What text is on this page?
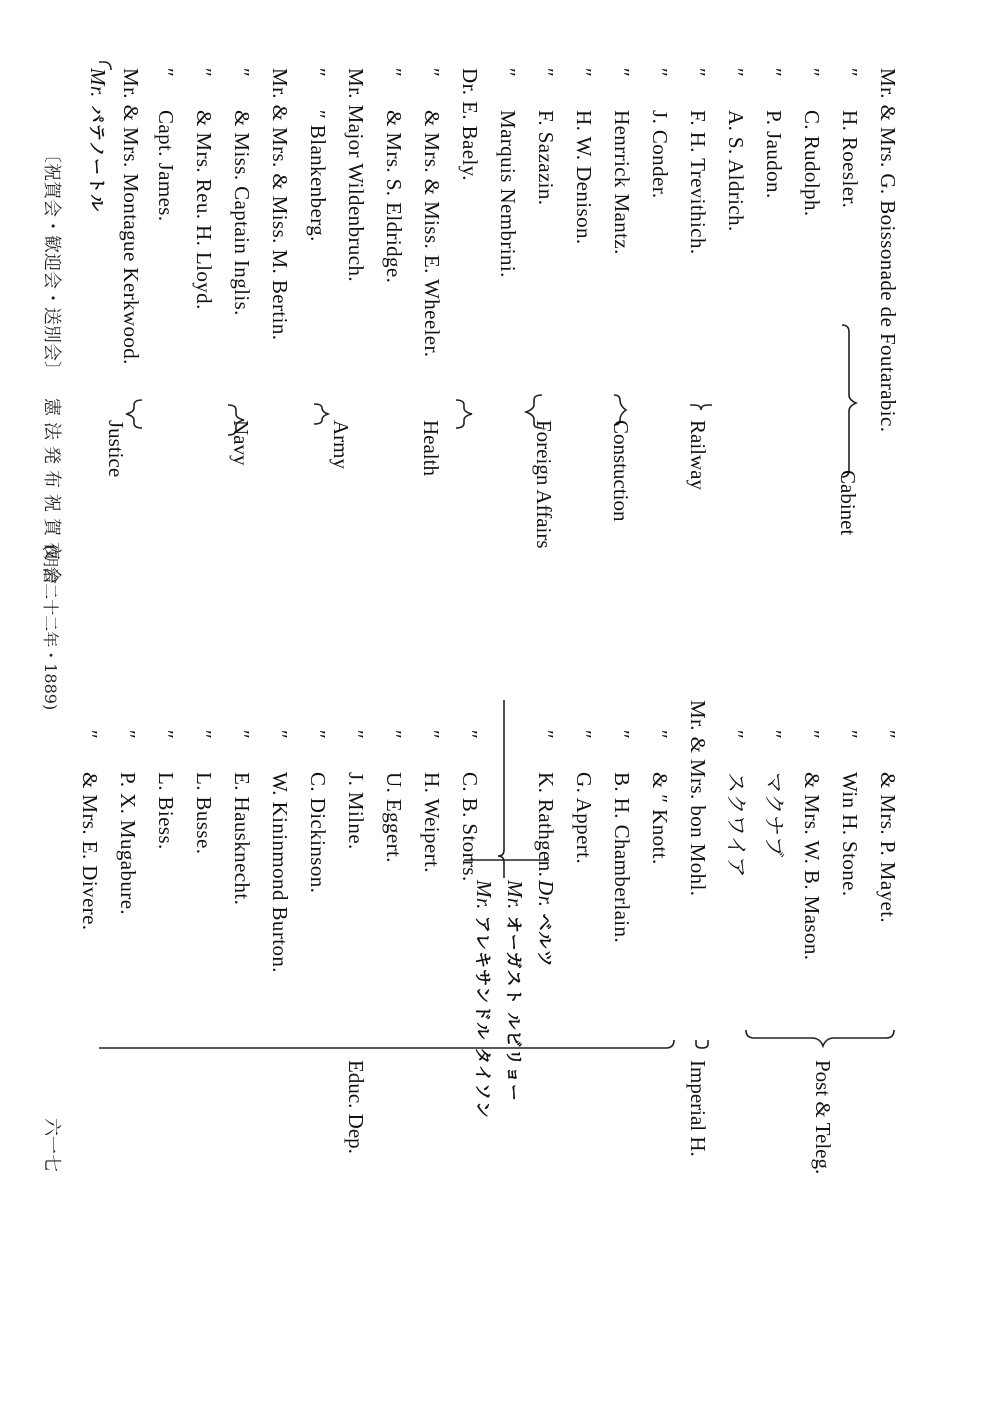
Mr. & Mrs. G. Boissonade de Foutarabic.
″H. Roesler.
″C. Rudolph.
″P. Jaudon.
″A. S. Aldrich.
″F. H. Trevithich.
″J. Conder.
″Henrrick Mantz.
″H. W. Denison.
″F. Sazazin.
″Marquis Nembrini.
Dr. E. Baely.
″& Mrs. & Miss. E. Wheeler.
″& Mrs. S. Eldridge.
Mr. Major Wildenbruch.
″″ Blankenberg.
Mr. & Mrs. & Miss. M. Bertin.
″& Miss. Captain Inglis.
″& Mrs. Reu. H. Lloyd.
″Capt. James.
Mr. & Mrs. Montague Kerkwood.
Mr.パテノートル
Cabinet
Railway
Constuction
Foreign Affairs
Health
Army
Navy
Justice
″& Mrs. P. Mayet.
″Win H. Stone.
″& Mrs. W. B. Mason.
″マクナブ
″スクワイア
Mr. & Mrs. bon Mohl.
″& ″ Knott.
″B. H. Chamberlain.
″G. Appert.
″K. Rathgen.
″C. B. Storrs.
″H. Weipert.
″U. Eggert.
″J. Milne.
″C. Dickinson.
″W. Kininmond Burton.
″E. Hausknecht.
″L. Busse.
″L. Biess.
″P. X. Mugabure.
″& Mrs. E. Divere.	Dr.ベルツ
Mr.オーガスト ルビリョー
Mr.アレキサンドル タイソン	Post & Teleg.
Imperial H.
Educ. Dep.
〔祝賀会・歓迎会・送別会〕
憲法発布祝賀夜会
(明治二十二年・1889)
六一七
